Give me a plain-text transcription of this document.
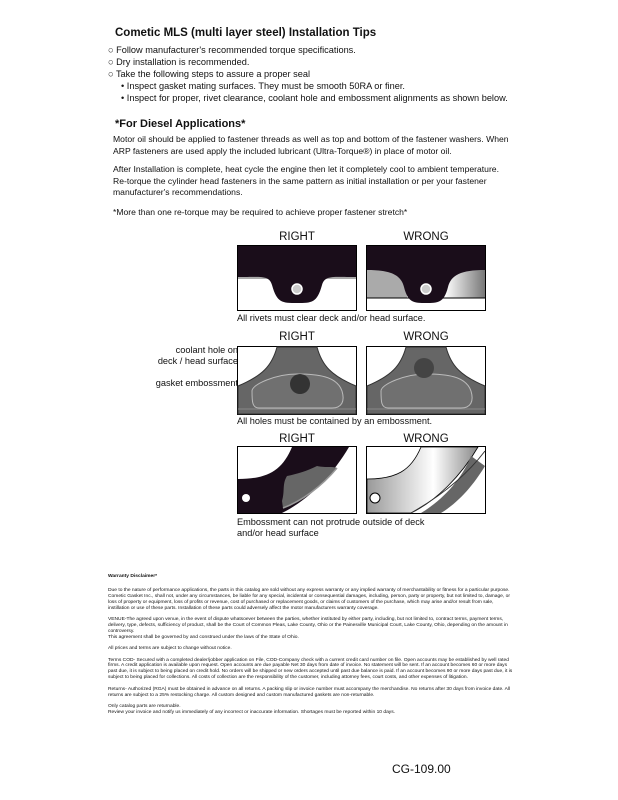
Cometic MLS (multi layer steel) Installation Tips
○ Follow manufacturer's recommended torque specifications.
○ Dry installation is recommended.
○ Take the following steps to assure a proper seal
• Inspect gasket mating surfaces. They must be smooth 50RA or finer.
• Inspect for proper, rivet clearance, coolant hole and embossment alignments as shown below.
*For Diesel Applications*
Motor oil should be applied to fastener threads as well as top and bottom of the fastener washers. When ARP fasteners are used apply the included lubricant (Ultra-Torque®) in place of motor oil.
After Installation is complete, heat cycle the engine then let it completely cool to ambient temperature. Re-torque the cylinder head fasteners in the same pattern as initial installation or per your fastener manufacturer's recommendations.
*More than one re-torque may be required to achieve proper fastener stretch*
RIGHT	WRONG
All rivets must clear deck and/or head surface.
RIGHT	WRONG
coolant hole on
deck / head surface
gasket embossment
All holes must be contained by an embossment.
RIGHT	WRONG
Embossment can not protrude outside of deck
and/or head surface

Warranty Disclaimer*

Due to the nature of performance applications, the parts in this catalog are sold without any express warranty or any implied warranty of merchantability or fitness for a particular purpose. Cometic Gasket Inc., shall not, under any circumstances, be liable for any special, incidental or consequential damages, including, person, party or property, but not limited to, damage, or loss of property or equipment, loss of profits or revenue, cost of purchased or replacement goods, or claims of customers of the purchase, which may arise and/or result from sale, instillation or use of these parts. Installation of these parts could adversely affect the motor manufacturers warranty coverage.

VENUE-The agreed upon venue, in the event of dispute whatsoever between the parties, whether instituted by either party, including, but not limited to, contract terms, payment terms, delivery, type, defects, sufficiency of product, shall be the Court of Common Pleas, Lake County, Ohio or the Painesville Municipal Court, Lake County, Ohio, depending on the amount in controversy.

This agreement shall be governed by and construed under the laws of the State of Ohio.

All prices and terms are subject to change without notice.

Terms COD- Secured with a completed dealer/jobber application on File, COD-Company check with a current credit card number on file. Open accounts may be established by well rated firms. A credit application is available upon request. Open accounts are due payable Net 30 days from date of invoice. No statement will be sent. If an account becomes 60 or more days past due, it is subject to being placed on credit hold. No orders will be shipped or new orders accepted until past due balance is paid. If an account becomes 90 or more days past due, it is subject to being placed for collections. All costs of collection are the responsibility of the customer, including attorney fees, court costs, and other expenses of litigation.

Returns- Authorized (RGA) must be obtained in advance on all returns. A packing slip or invoice number must accompany the merchandise. No returns after 30 days from invoice date. All returns are subject to a 25% restocking charge. All custom designed and custom manufactured gaskets are non-returnable.

Only catalog parts are returnable.

Review your invoice and notify us immediately of any incorrect or inaccurate information. Shortages must be reported within 10 days.

CG-109.00
